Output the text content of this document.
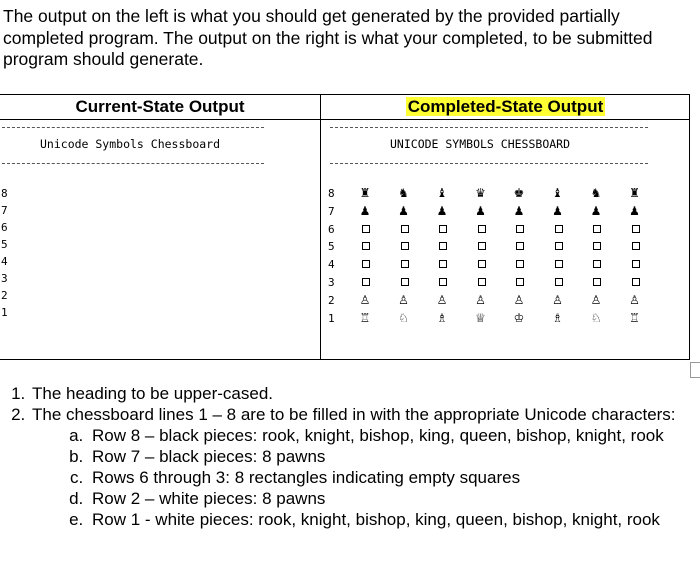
The output on the left is what you should get generated by the provided partially completed program. The output on the right is what your completed, to be submitted program should generate.

Current-State Output	Completed-State Output
Unicode Symbols Chessboard
8
7
6
5
4
3
2
1
UNICODE SYMBOLS CHESSBOARD
8
7
6
5
4
3
2
1
♜ ♞ ♝ ♛ ♚ ♝ ♞ ♜
♟ ♟ ♟ ♟ ♟ ♟ ♟ ♟
♙ ♙ ♙ ♙ ♙ ♙ ♙ ♙
♖ ♘ ♗ ♕ ♔ ♗ ♘ ♖
1. The heading to be upper-cased.
2. The chessboard lines 1 – 8 are to be filled in with the appropriate Unicode characters:
a. Row 8 – black pieces: rook, knight, bishop, king, queen, bishop, knight, rook
b. Row 7 – black pieces: 8 pawns
c. Rows 6 through 3: 8 rectangles indicating empty squares
d. Row 2 – white pieces: 8 pawns
e. Row 1 - white pieces: rook, knight, bishop, king, queen, bishop, knight, rook
